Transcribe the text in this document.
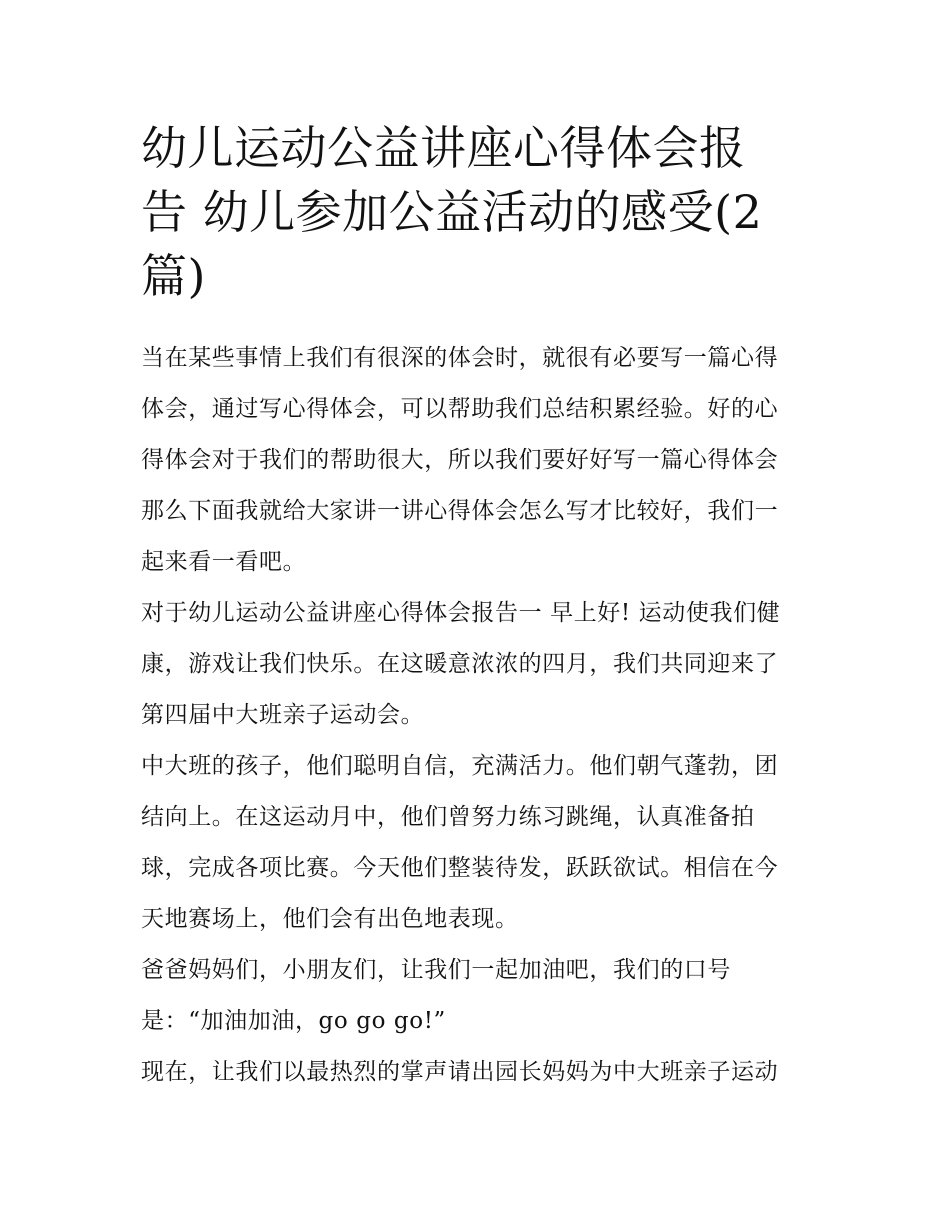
幼儿运动公益讲座心得体会报
告 幼儿参加公益活动的感受(2
篇)
当在某些事情上我们有很深的体会时，就很有必要写一篇心得
体会，通过写心得体会，可以帮助我们总结积累经验。好的心
得体会对于我们的帮助很大，所以我们要好好写一篇心得体会
那么下面我就给大家讲一讲心得体会怎么写才比较好，我们一
起来看一看吧。
对于幼儿运动公益讲座心得体会报告一 早上好! 运动使我们健
康，游戏让我们快乐。在这暖意浓浓的四月，我们共同迎来了
第四届中大班亲子运动会。
中大班的孩子，他们聪明自信，充满活力。他们朝气蓬勃，团
结向上。在这运动月中，他们曾努力练习跳绳，认真准备拍
球，完成各项比赛。今天他们整装待发，跃跃欲试。相信在今
天地赛场上，他们会有出色地表现。
爸爸妈妈们，小朋友们，让我们一起加油吧，我们的口号
是：“加油加油，go go go!”
现在，让我们以最热烈的掌声请出园长妈妈为中大班亲子运动
